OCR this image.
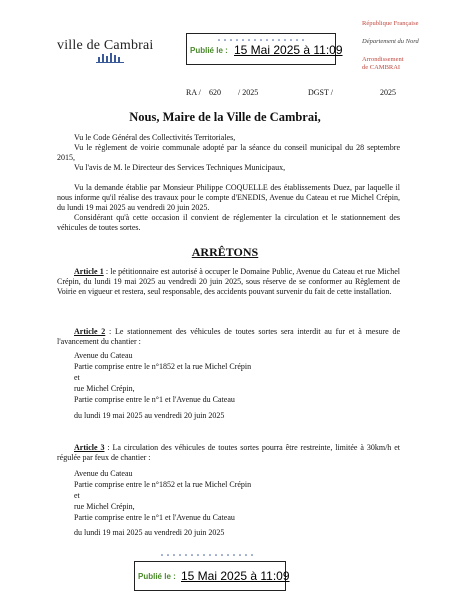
ville de Cambrai	Publié le : 15 Mai 2025 à 11:09
République Française
Département du Nord
Arrondissement
de CAMBRAI
RA / 620 / 2025	DGST /	2025
Nous, Maire de la Ville de Cambrai,
Vu le Code Général des Collectivités Territoriales,
Vu le règlement de voirie communale adopté par la séance du conseil municipal du 28 septembre 2015,
Vu l'avis de M. le Directeur des Services Techniques Municipaux,
Vu la demande établie par Monsieur Philippe COQUELLE des établissements Duez, par laquelle il nous informe qu'il réalise des travaux pour le compte d'ENEDIS, Avenue du Cateau et rue Michel Crépin, du lundi 19 mai 2025 au vendredi 20 juin 2025.
Considérant qu'à cette occasion il convient de réglementer la circulation et le stationnement des véhicules de toutes sortes.
ARRÊTONS
Article 1 : le pétitionnaire est autorisé à occuper le Domaine Public, Avenue du Cateau et rue Michel Crépin, du lundi 19 mai 2025 au vendredi 20 juin 2025, sous réserve de se conformer au Règlement de Voirie en vigueur et restera, seul responsable, des accidents pouvant survenir du fait de cette installation.
Article 2 : Le stationnement des véhicules de toutes sortes sera interdit au fur et à mesure de l'avancement du chantier :
Avenue du Cateau
Partie comprise entre le n°1852 et la rue Michel Crépin
et
rue Michel Crépin,
Partie comprise entre le n°1 et l'Avenue du Cateau
du lundi 19 mai 2025 au vendredi 20 juin 2025
Article 3 : La circulation des véhicules de toutes sortes pourra être restreinte, limitée à 30km/h et régulée par feux de chantier :
Avenue du Cateau
Partie comprise entre le n°1852 et la rue Michel Crépin
et
rue Michel Crépin,
Partie comprise entre le n°1 et l'Avenue du Cateau
du lundi 19 mai 2025 au vendredi 20 juin 2025
Publié le : 15 Mai 2025 à 11:09
